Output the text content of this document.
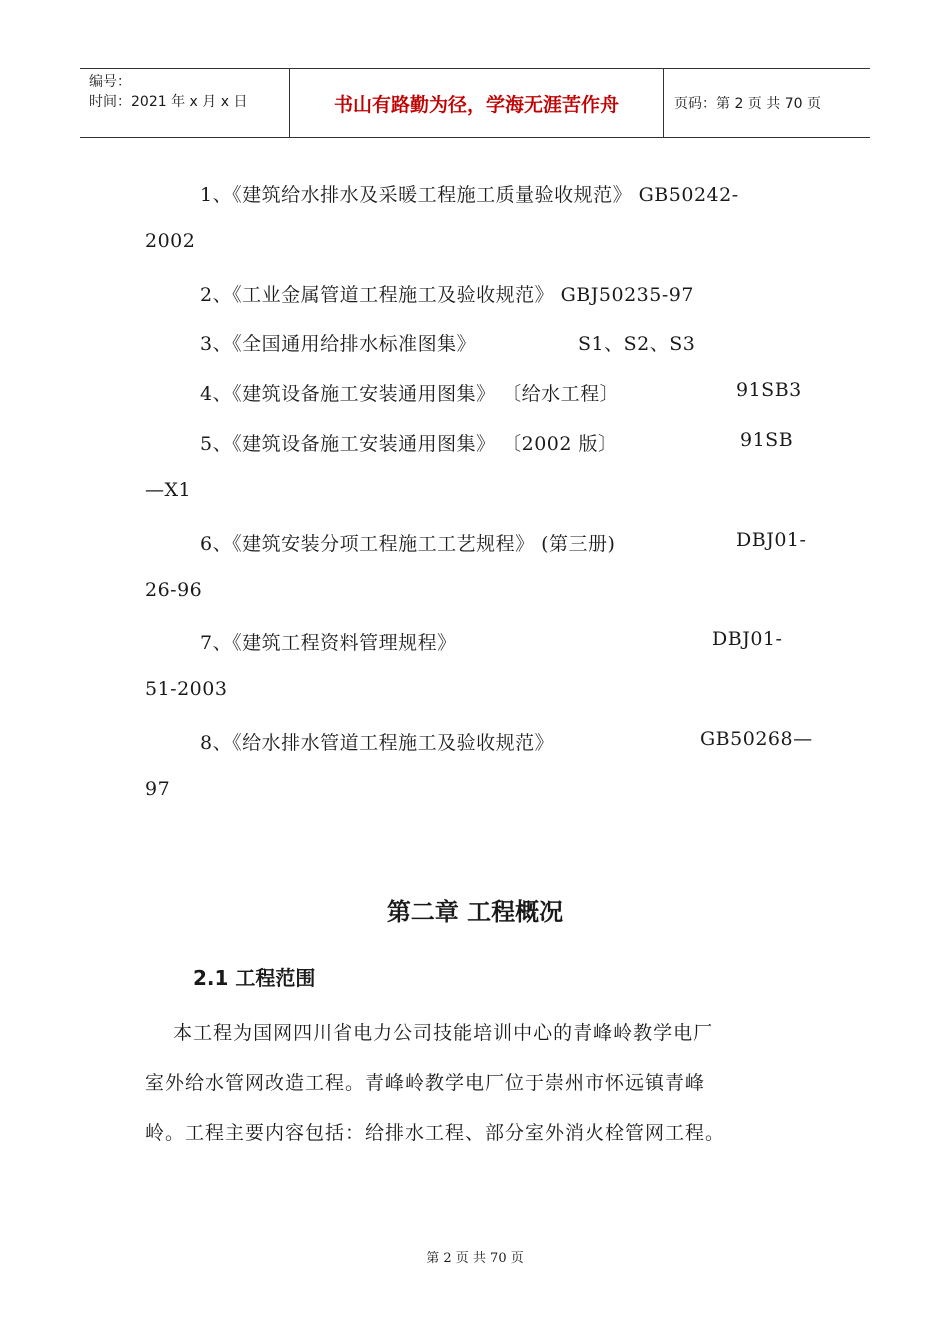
编号：
时间：2021 年 x 月 x 日	书山有路勤为径，学海无涯苦作舟	页码：第 2 页 共 70 页
1、《建筑给水排水及采暖工程施工质量验收规范》 GB50242-
2002
2、《工业金属管道工程施工及验收规范》 GBJ50235-97
3、《全国通用给排水标准图集》	S1、S2、S3
4、《建筑设备施工安装通用图集》 〔给水工程〕	91SB3
5、《建筑设备施工安装通用图集》 〔2002 版〕	91SB
—X1
6、《建筑安装分项工程施工工艺规程》 (第三册)	DBJ01-
26-96
7、《建筑工程资料管理规程》	DBJ01-
51-2003
8、《给水排水管道工程施工及验收规范》	GB50268—
97
第二章 工程概况
2.1 工程范围
本工程为国网四川省电力公司技能培训中心的青峰岭教学电厂
室外给水管网改造工程。青峰岭教学电厂位于崇州市怀远镇青峰
岭。工程主要内容包括：给排水工程、部分室外消火栓管网工程。
第 2 页 共 70 页
